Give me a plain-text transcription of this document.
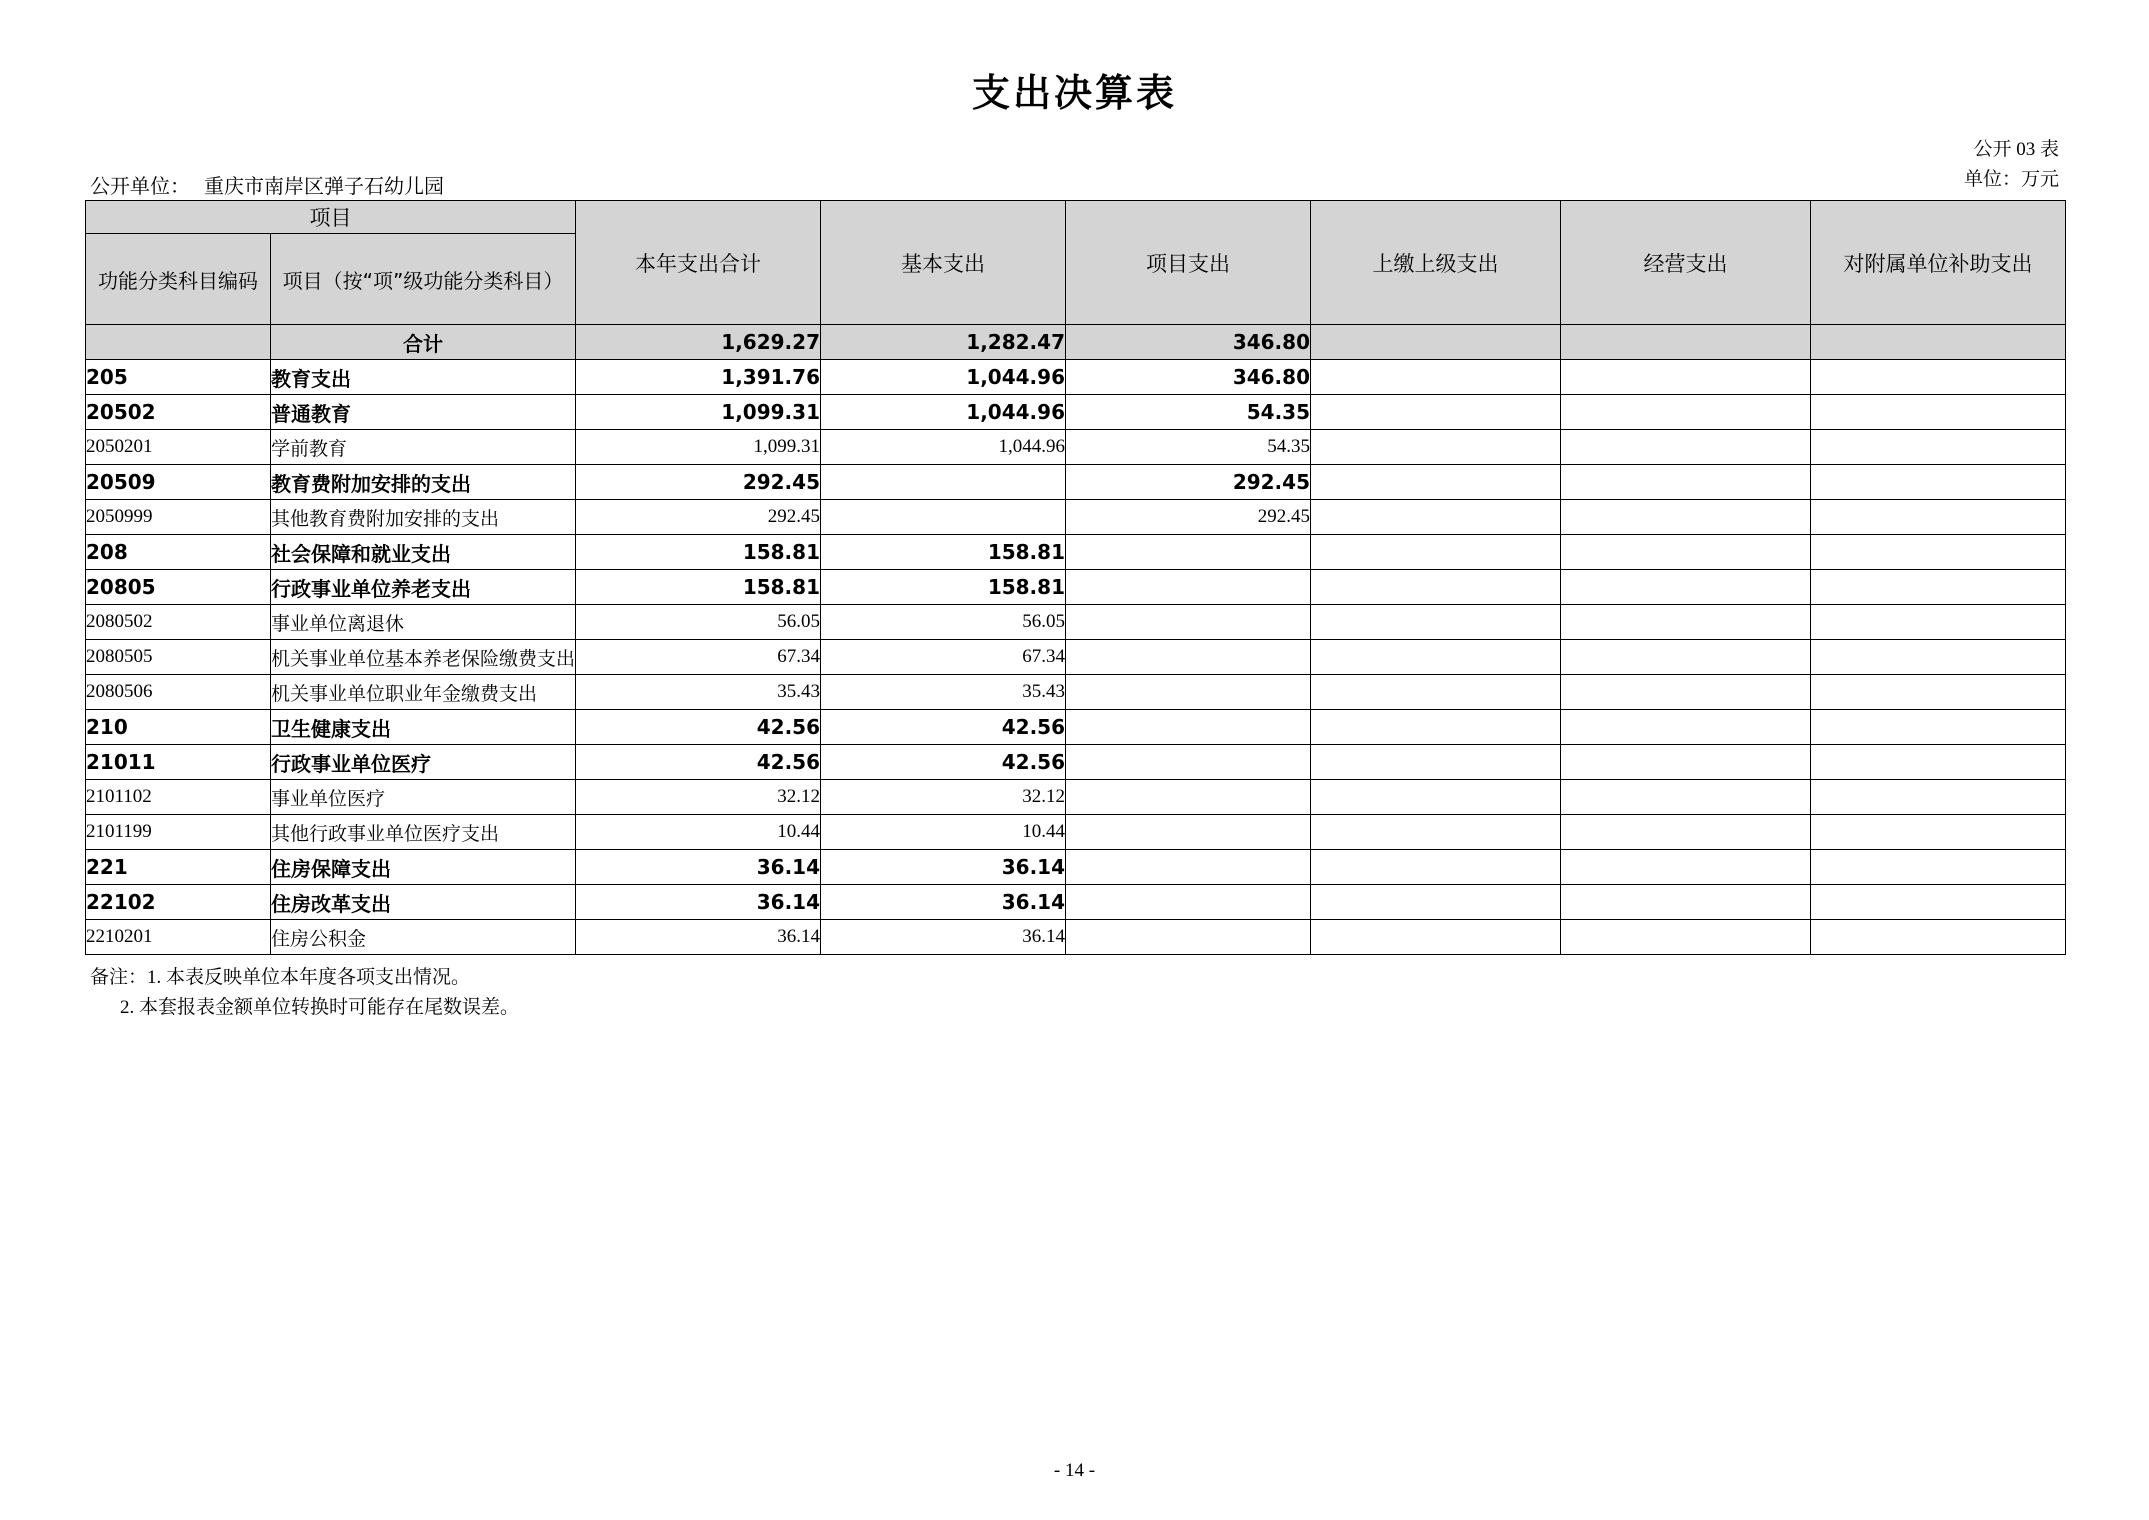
支出决算表
公开 03 表
单位：万元
公开单位： 重庆市南岸区弹子石幼儿园
项目		本年支出合计	基本支出	项目支出	上缴上级支出	经营支出	对附属单位补助支出
功能分类科目编码	项目（按“项”级功能分类科目）						
	合计	1,629.27	1,282.47	346.80			
205	教育支出	1,391.76	1,044.96	346.80			
20502	普通教育	1,099.31	1,044.96	54.35			
2050201	学前教育	1,099.31	1,044.96	54.35			
20509	教育费附加安排的支出	292.45		292.45			
2050999	其他教育费附加安排的支出	292.45		292.45			
208	社会保障和就业支出	158.81	158.81				
20805	行政事业单位养老支出	158.81	158.81				
2080502	事业单位离退休	56.05	56.05				
2080505	机关事业单位基本养老保险缴费支出	67.34	67.34				
2080506	机关事业单位职业年金缴费支出	35.43	35.43				
210	卫生健康支出	42.56	42.56				
21011	行政事业单位医疗	42.56	42.56				
2101102	事业单位医疗	32.12	32.12				
2101199	其他行政事业单位医疗支出	10.44	10.44				
221	住房保障支出	36.14	36.14				
22102	住房改革支出	36.14	36.14				
2210201	住房公积金	36.14	36.14				
备注：1. 本表反映单位本年度各项支出情况。
2. 本套报表金额单位转换时可能存在尾数误差。
- 14 -
